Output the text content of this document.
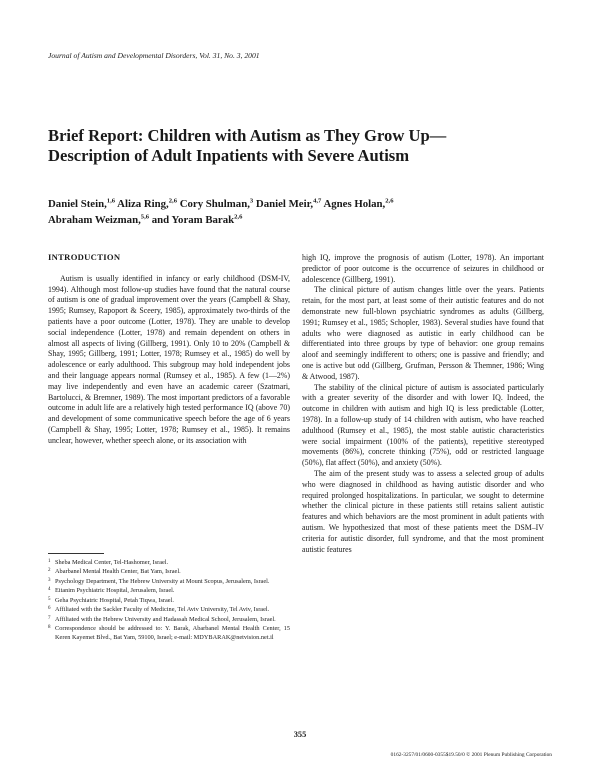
Journal of Autism and Developmental Disorders, Vol. 31, No. 3, 2001
Brief Report: Children with Autism as They Grow Up—
Description of Adult Inpatients with Severe Autism
Daniel Stein,$^{1,6}$ Aliza Ring,$^{2,6}$ Cory Shulman,$^3$ Daniel Meir,$^{4,7}$ Agnes Holan,$^{2,6}$
Abraham Weizman,$^{5,6}$ and Yoram Barak$^{2,6}$
INTRODUCTION

Autism is usually identified in infancy or early childhood (DSM-IV, 1994). Although most follow-up studies have found that the natural course of autism is one of gradual improvement over the years (Campbell & Shay, 1995; Rumsey, Rapoport & Sceery, 1985), approximately two-thirds of the patients have a poor outcome (Lotter, 1978). They are unable to develop social independence (Lotter, 1978) and remain dependent on others in almost all aspects of living (Gillberg, 1991). Only 10 to 20% (Campbell & Shay, 1995; Gillberg, 1991; Lotter, 1978; Rumsey et al., 1985) do well by adolescence or early adulthood. This subgroup may hold independent jobs and their language appears normal (Rumsey et al., 1985). A few (1—2%) may live independently and even have an academic career (Szatmari, Bartolucci, & Bremner, 1989). The most important predictors of a favorable outcome in adult life are a relatively high tested performance IQ (above 70) and development of some communicative speech before the age of 6 years (Campbell & Shay, 1995; Lotter, 1978; Rumsey et al., 1985). It remains unclear, however, whether speech alone, or its association with

high IQ, improve the prognosis of autism (Lotter, 1978). An important predictor of poor outcome is the occurrence of seizures in childhood or adolescence (Gillberg, 1991).

The clinical picture of autism changes little over the years. Patients retain, for the most part, at least some of their autistic features and do not demonstrate new full-blown psychiatric syndromes as adults (Gillberg, 1991; Rumsey et al., 1985; Schopler, 1983). Several studies have found that adults who were diagnosed as autistic in early childhood can be differentiated into three groups by type of behavior: one group remains aloof and seemingly indifferent to others; one is passive and friendly; and one is active but odd (Gillberg, Grufman, Persson & Themner, 1986; Wing & Atwood, 1987).

The stability of the clinical picture of autism is associated particularly with a greater severity of the disorder and with lower IQ. Indeed, the outcome in children with autism and high IQ is less predictable (Lotter, 1978). In a follow-up study of 14 children with autism, who have reached adulthood (Rumsey et al., 1985), the most stable autistic characteristics were social impairment (100% of the patients), repetitive stereotyped movements (86%), concrete thinking (75%), odd or restricted language (50%), flat affect (50%), and anxiety (50%).

The aim of the present study was to assess a selected group of adults who were diagnosed in childhood as having autistic disorder and who required prolonged hospitalizations. In particular, we sought to determine whether the clinical picture in these patients still retains salient autistic features and which behaviors are the most prominent in adult patients with autism. We hypothesized that most of these patients meet the DSM–IV criteria for autistic disorder, full syndrome, and that the most prominent autistic features

1 Sheba Medical Center, Tel-Hashomer, Israel.
2 Abarbanel Mental Health Center, Bat Yam, Israel.
3 Psychology Department, The Hebrew University at Mount Scopus, Jerusalem, Israel.
4 Eitanim Psychiatric Hospital, Jerusalem, Israel.
5 Geha Psychiatric Hospital, Petah Tiqwa, Israel.
6 Affiliated with the Sackler Faculty of Medicine, Tel Aviv University, Tel Aviv, Israel.
7 Affiliated with the Hebrew University and Hadassah Medical School, Jerusalem, Israel.
8 Correspondence should be addressed to: Y. Barak, Abarbanel Mental Health Center, 15 Keren Kayemet Blvd., Bat Yam, 59100, Israel; e-mail: MDYBARAK@netvision.net.il
355
0162-3257/01/0600-0355$19.50/0 © 2001 Plenum Publishing Corporation
